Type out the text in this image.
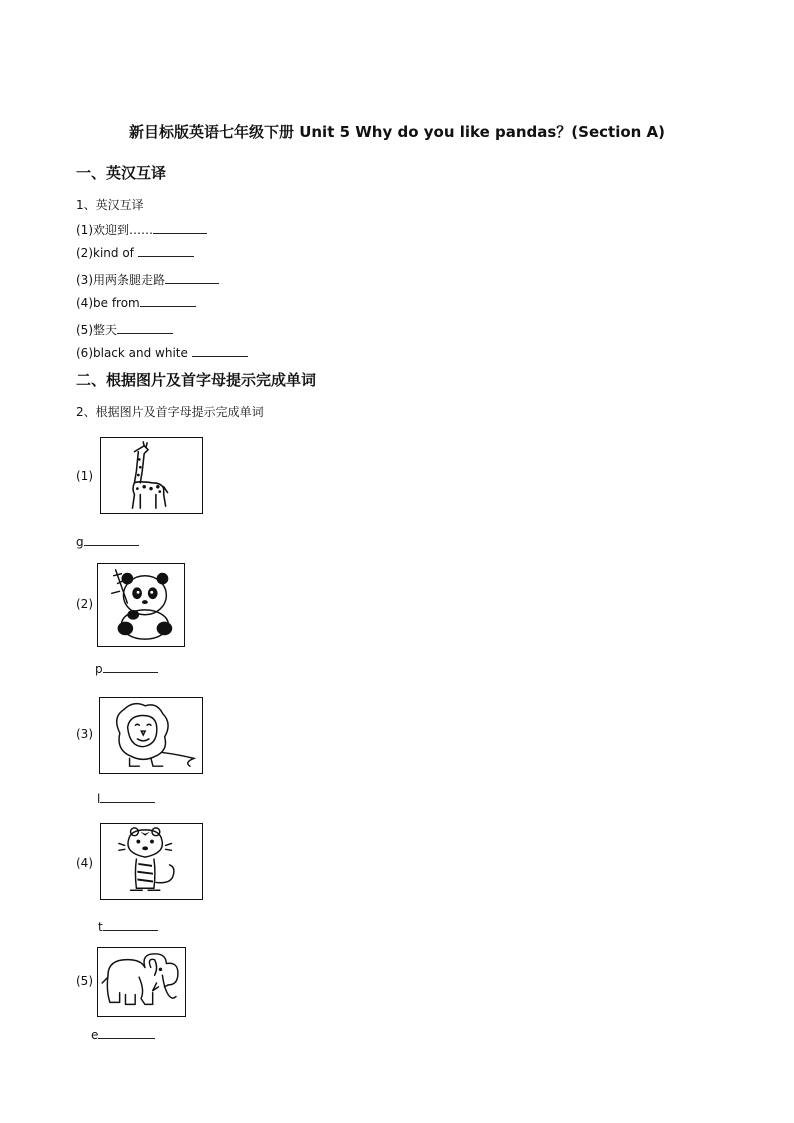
新目标版英语七年级下册 Unit 5 Why do you like pandas？(Section A)
一、英汉互译
1、英汉互译
(1)欢迎到……
(2)kind of
(3)用两条腿走路
(4)be from
(5)整天
(6)black and white
二、根据图片及首字母提示完成单词
2、根据图片及首字母提示完成单词
(1)
g
(2)
p
(3)
l
(4)
t
(5)
e
